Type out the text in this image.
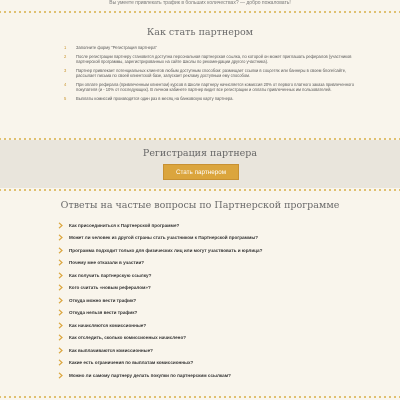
Вы умеете привлекать трафик в больших количествах? — добро пожаловать!
Как стать партнером
1 Заполните форму "Регистрация партнера"
2 После регистрации партнеру становится доступна персональная партнерская ссылка, по которой он может приглашать рефералов (участников партнерской программы, зарегистрированных на сайте Школы по рекомендации другого участника).
3 Партнер привлекает потенциальных клиентов любым доступным способом: размещает ссылки в соцсетях или баннеры в своем блоге/сайте, рассылает письма по своей клиентской базе, запускает рекламу доступным ему способом.
4 При оплате реферала (привлеченным клиентом) курсов в Школе партнеру начисляется комиссия 20% от первого платного заказа привлеченного покупателя (и - 10% от последующих). В личном кабинете партнер видит все регистрации и оплаты привлеченных им пользователей.
5 Выплаты комиссий производятся один раз в месяц на банковскую карту партнера.
Регистрация партнера
Стать партнером
Ответы на частые вопросы по Партнерской программе
Как присоединиться к Партнерской программе?
Может ли человек из другой страны стать участником к Партнерской программы?
Программа подходит только для физических лиц или могут участвовать и юрлица?
Почему мне отказали в участии?
Как получить партнерскую ссылку?
Кого считать «новым рефералом»?
Откуда можно вести трафик?
Откуда нельзя вести трафик?
Как начисляются комиссионные?
Как отследить, сколько комиссионных начислено?
Как выплачиваются комиссионные?
Какие есть ограничения по выплатам комиссионных?
Можно ли самому партнеру делать покупки по партнерским ссылкам?
